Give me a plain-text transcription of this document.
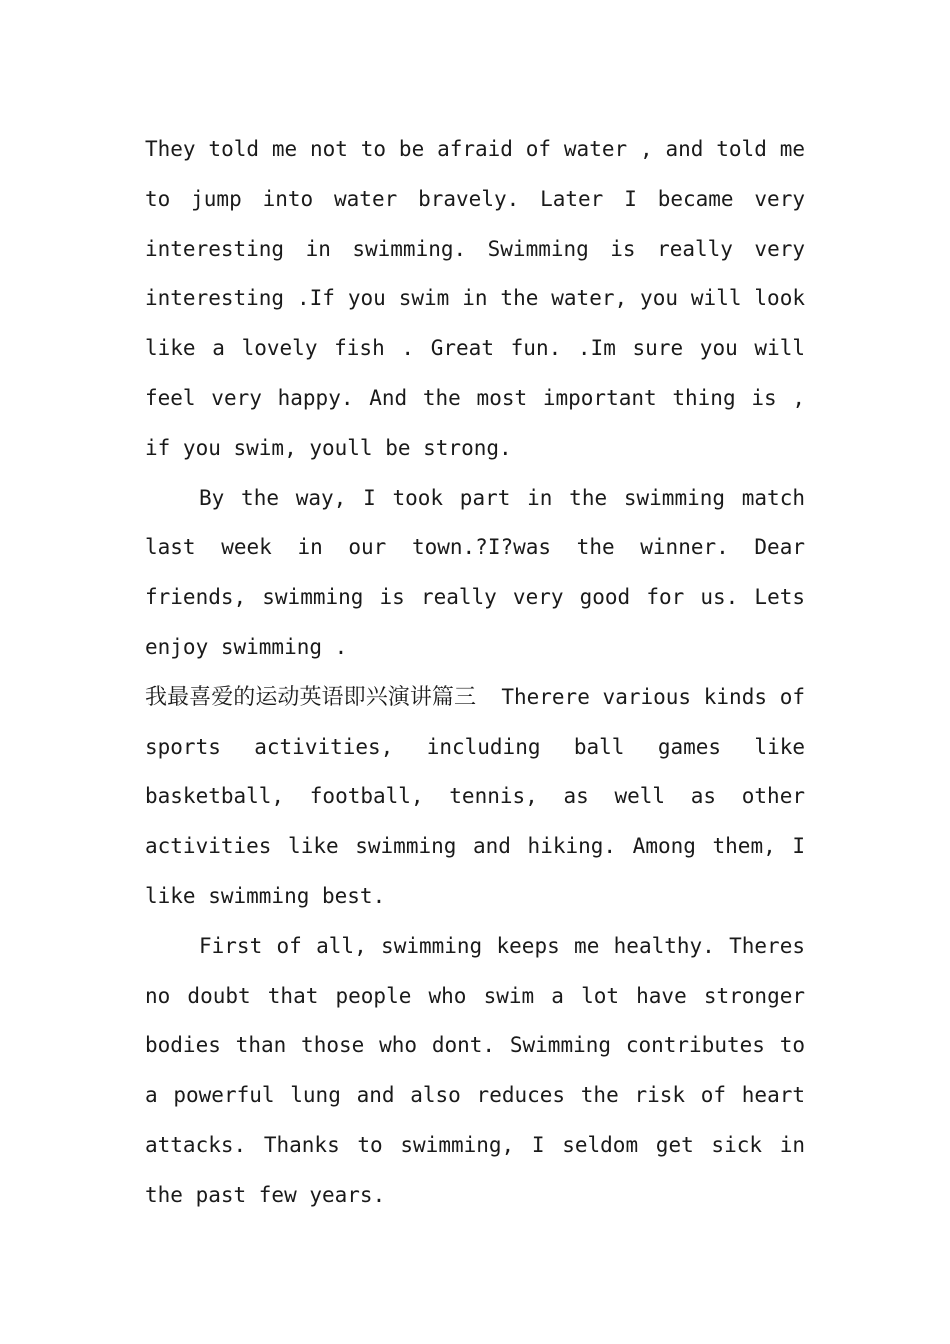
They told me not to be afraid of water , and told me to jump into water bravely. Later I became very interesting in swimming. Swimming is really very interesting .If you swim in the water, you will look like a lovely fish . Great fun. .Im sure you will feel very happy. And the most important thing is , if you swim, youll be strong.

By the way, I took part in the swimming match last week in our town.?I?was the winner. Dear friends, swimming is really very good for us. Lets enjoy swimming .

我最喜爱的运动英语即兴演讲篇三   Therere various kinds of sports activities, including ball games like basketball, football, tennis, as well as other activities like swimming and hiking. Among them, I like swimming best.

First of all, swimming keeps me healthy. Theres no doubt that people who swim a lot have stronger bodies than those who dont. Swimming contributes to a powerful lung and also reduces the risk of heart attacks. Thanks to swimming, I seldom get sick in the past few years.
